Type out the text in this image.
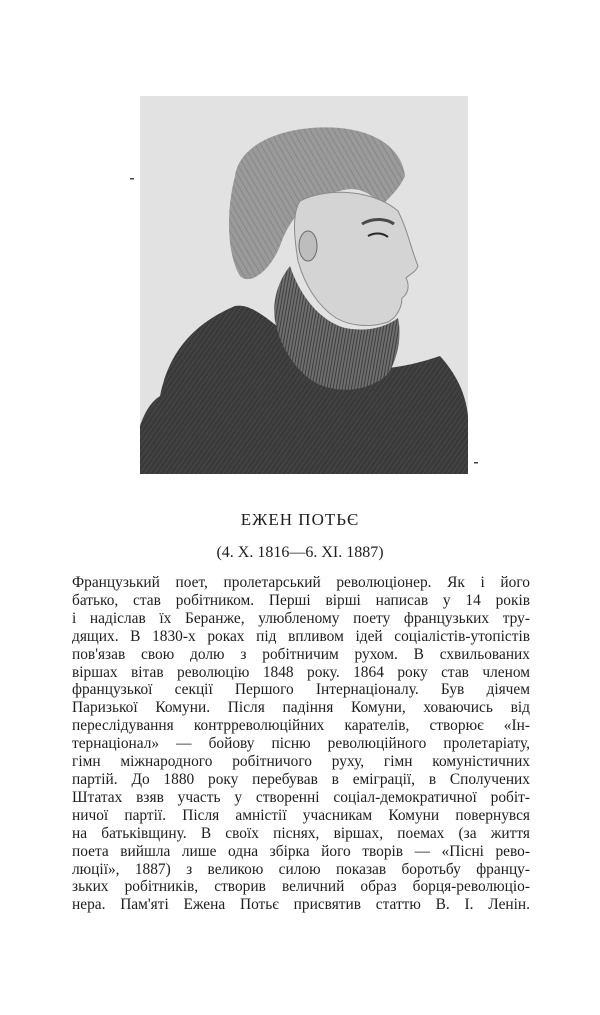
ЕЖЕН ПОТЬЄ
(4. X. 1816—6. XI. 1887)
Французький поет, пролетарський революціонер. Як і його
батько, став робітником. Перші вірші написав у 14 років
і надіслав їх Беранже, улюбленому поету французьких тру-
дящих. В 1830-х роках під впливом ідей соціалістів-утопістів
пов'язав свою долю з робітничим рухом. В схвильованих
віршах вітав революцію 1848 року. 1864 року став членом
французької секції Першого Інтернаціоналу. Був діячем
Паризької Комуни. Після падіння Комуни, ховаючись від
переслідування контрреволюційних карателів, створює «Ін-
тернаціонал» — бойову пісню революційного пролетаріату,
гімн міжнародного робітничого руху, гімн комуністичних
партій. До 1880 року перебував в еміграції, в Сполучених
Штатах взяв участь у створенні соціал-демократичної робіт-
ничої партії. Після амністії учасникам Комуни повернувся
на батьківщину. В своїх піснях, віршах, поемах (за життя
поета вийшла лише одна збірка його творів — «Пісні рево-
люції», 1887) з великою силою показав боротьбу францу-
зьких робітників, створив величний образ борця-революціо-
нера. Пам'яті Ежена Потьє присвятив статтю В. І. Ленін.
